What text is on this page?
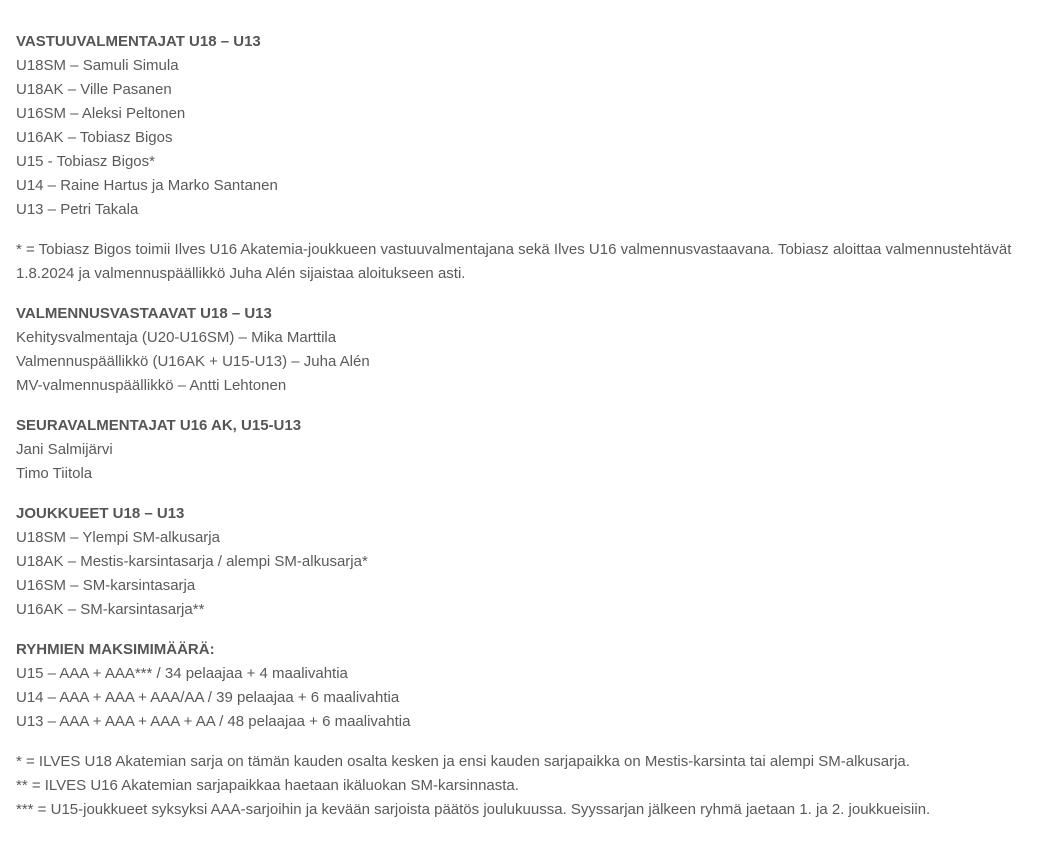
VASTUUVALMENTAJAT U18 – U13
U18SM – Samuli Simula
U18AK – Ville Pasanen
U16SM – Aleksi Peltonen
U16AK – Tobiasz Bigos
U15 - Tobiasz Bigos*
U14 – Raine Hartus ja Marko Santanen
U13 – Petri Takala
* = Tobiasz Bigos toimii Ilves U16 Akatemia-joukkueen vastuuvalmentajana sekä Ilves U16 valmennusvastaavana. Tobiasz aloittaa valmennustehtävät
1.8.2024 ja valmennuspäällikkö Juha Alén sijaistaa aloitukseen asti.
VALMENNUSVASTAAVAT U18 – U13
Kehitysvalmentaja (U20-U16SM) – Mika Marttila
Valmennuspäällikkö (U16AK + U15-U13) – Juha Alén
MV-valmennuspäällikkö – Antti Lehtonen
SEURAVALMENTAJAT U16 AK, U15-U13
Jani Salmijärvi
Timo Tiitola
JOUKKUEET U18 – U13
U18SM – Ylempi SM-alkusarja
U18AK – Mestis-karsintasarja / alempi SM-alkusarja*
U16SM – SM-karsintasarja
U16AK – SM-karsintasarja**
RYHMIEN MAKSIMIMÄÄRÄ:
U15 – AAA + AAA*** / 34 pelaajaa + 4 maalivahtia
U14 – AAA + AAA + AAA/AA / 39 pelaajaa + 6 maalivahtia
U13 – AAA + AAA + AAA + AA / 48 pelaajaa + 6 maalivahtia
* = ILVES U18 Akatemian sarja on tämän kauden osalta kesken ja ensi kauden sarjapaikka on Mestis-karsinta tai alempi SM-alkusarja.
** = ILVES U16 Akatemian sarjapaikkaa haetaan ikäluokan SM-karsinnasta.
*** = U15-joukkueet syksyksi AAA-sarjoihin ja kevään sarjoista päätös joulukuussa. Syyssarjan jälkeen ryhmä jaetaan 1. ja 2. joukkueisiin.
